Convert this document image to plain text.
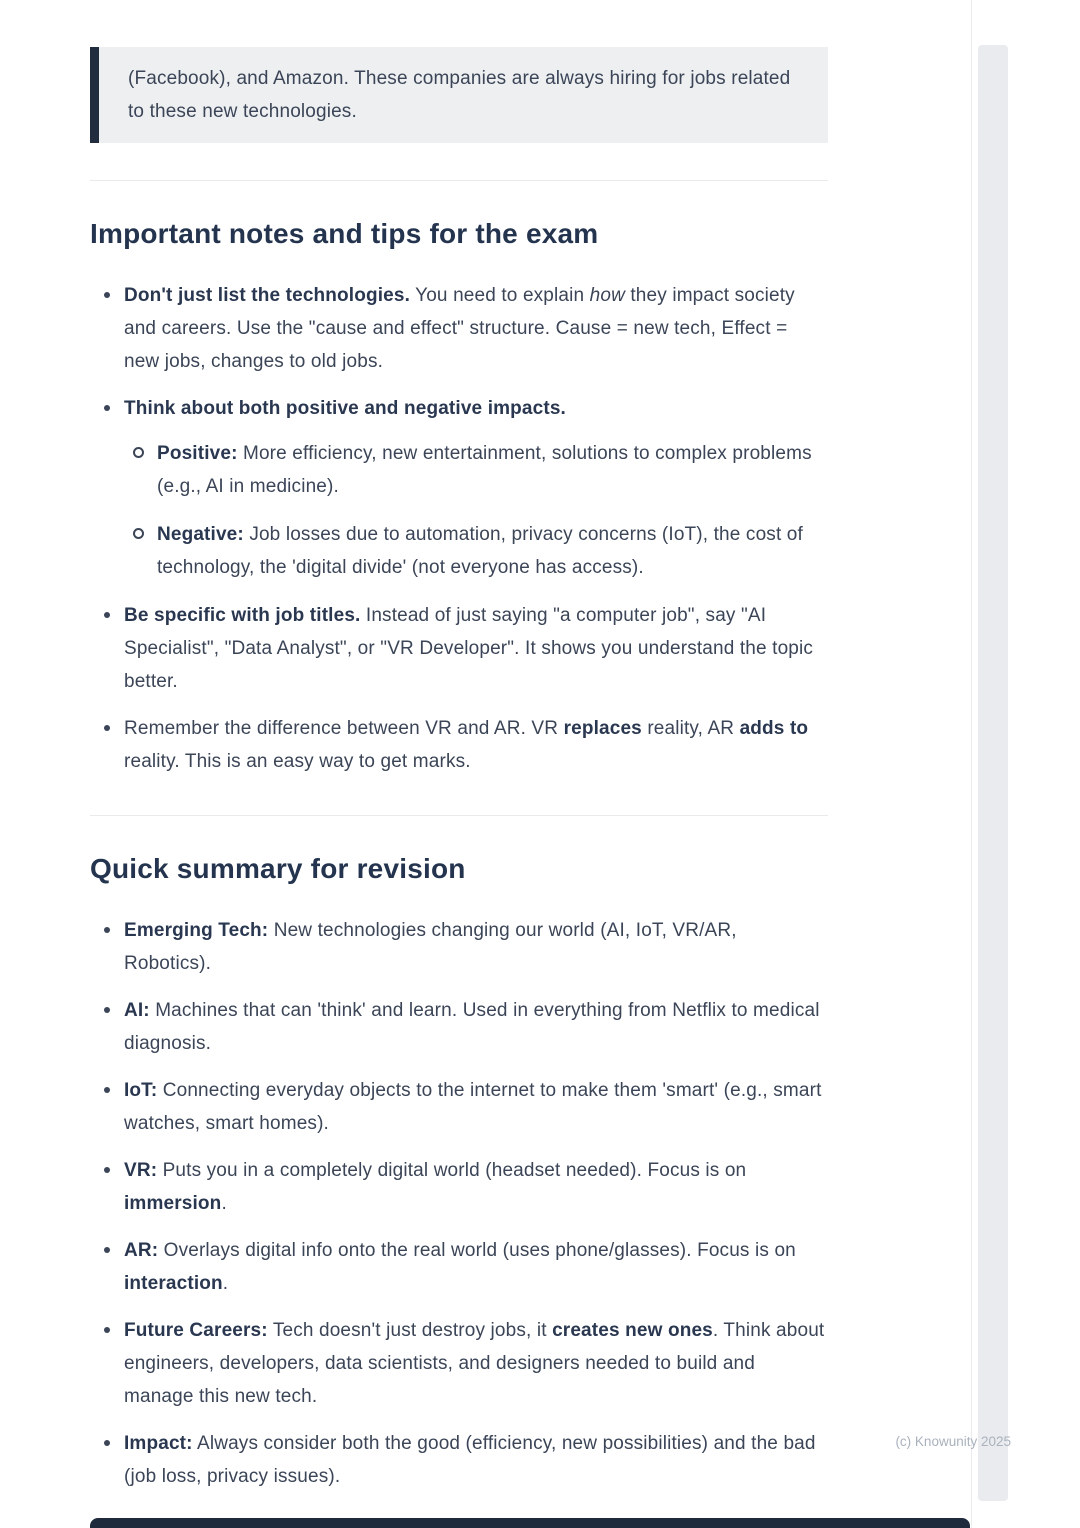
(Facebook), and Amazon. These companies are always hiring for jobs related to these new technologies.

Important notes and tips for the exam

Don't just list the technologies. You need to explain how they impact society and careers. Use the "cause and effect" structure. Cause = new tech, Effect = new jobs, changes to old jobs.

Think about both positive and negative impacts.

Positive: More efficiency, new entertainment, solutions to complex problems (e.g., AI in medicine).

Negative: Job losses due to automation, privacy concerns (IoT), the cost of technology, the 'digital divide' (not everyone has access).

Be specific with job titles. Instead of just saying "a computer job", say "AI Specialist", "Data Analyst", or "VR Developer". It shows you understand the topic better.

Remember the difference between VR and AR. VR replaces reality, AR adds to reality. This is an easy way to get marks.

Quick summary for revision

Emerging Tech: New technologies changing our world (AI, IoT, VR/AR, Robotics).

AI: Machines that can 'think' and learn. Used in everything from Netflix to medical diagnosis.

IoT: Connecting everyday objects to the internet to make them 'smart' (e.g., smart watches, smart homes).

VR: Puts you in a completely digital world (headset needed). Focus is on immersion.

AR: Overlays digital info onto the real world (uses phone/glasses). Focus is on interaction.

Future Careers: Tech doesn't just destroy jobs, it creates new ones. Think about engineers, developers, data scientists, and designers needed to build and manage this new tech.

Impact: Always consider both the good (efficiency, new possibilities) and the bad (job loss, privacy issues).

(c) Knowunity 2025
